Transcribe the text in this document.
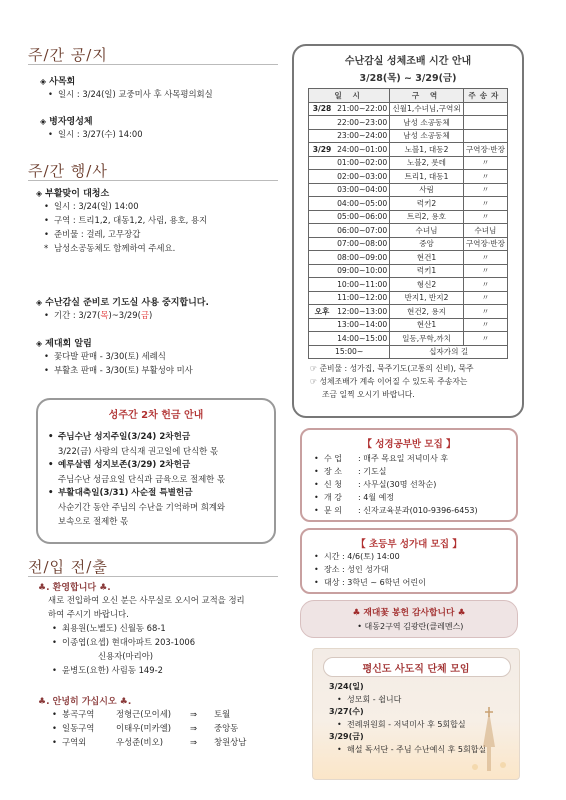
주/간 공/지
◈ 사목회
• 일시 : 3/24(일) 교중미사 후 사목평의회실
◈ 병자영성체
• 일시 : 3/27(수) 14:00
주/간 행/사
◈ 부활맞이 대청소
• 일시 : 3/24(일) 14:00
• 구역 : 트리1,2, 대동1,2, 사림, 용호, 용지
• 준비물 : 걸레, 고무장갑
* 남성소공동체도 함께하여 주세요.
◈ 수난감실 준비로 기도실 사용 중지합니다.
• 기간 : 3/27(목)~3/29(금)
◈ 제대회 알림
• 꽃다발 판매 - 3/30(토) 세례식
• 부활초 판매 - 3/30(토) 부활성야 미사
성주간 2차 헌금 안내
• 주님수난 성지주일(3/24) 2차헌금
3/22(금) 사랑의 단식재 권고일에 단식한 몫
• 예루살렘 성지보존(3/29) 2차헌금
주님수난 성금요일 단식과 금육으로 절제한 몫
• 부활대축일(3/31) 사순절 특별헌금
사순기간 동안 주님의 수난을 기억하며 희계와
보속으로 절제한 몫
전/입 전/출
♣. 환영합니다 ♣.
새로 전입하여 오신 분은 사무실로 오시어 교적을 정리
하여 주시기 바랍니다.
• 최용원(노벨도) 신월동 68-1
• 이종엽(요셉) 현대아파트 203-1006
신용자(마리아)
• 윤병도(요한) 사림동 149-2
♣. 안녕히 가십시오 ♣.
• 봉곡구역	정형근(모이세) ⇒ 토월
• 일동구역	이태우(미카엘) ⇒ 중앙동
• 구역외	우성준(비오)	⇒ 창원상남
수난감실 성체조배 시간 안내
3/28(목) ~ 3/29(금)
일 시		구 역	주송자
3/28	21:00~22:00	신월1,수녀님,구역외	
	22:00~23:00	남성 소공동체	
	23:00~24:00	남성 소공동체	
3/29	24:00~01:00	노블1, 대동2	구역장·반장
	01:00~02:00	노블2, 롯데	〃
	02:00~03:00	트리1, 대동1	〃
	03:00~04:00	사림	〃
	04:00~05:00	럭키2	〃
	05:00~06:00	트리2, 용호	〃
	06:00~07:00	수녀님	수녀님
	07:00~08:00	중앙	구역장·반장
	08:00~09:00	현건1	〃
	09:00~10:00	럭키1	〃
	10:00~11:00	형신2	〃
	11:00~12:00	반지1, 반지2	〃
오후	12:00~13:00	현건2, 용지	〃
	13:00~14:00	현산1	〃
	14:00~15:00	일동,무학,까치	〃
15:00~		십자가의 길	
☞ 준비물 : 성가집, 묵주기도(고통의 신비), 묵주
☞ 성체조배가 계속 이어질 수 있도록 주송자는
조금 일찍 오시기 바랍니다.
【 성경공부반 모집 】
• 수 업 : 매주 목요일 저녁미사 후
• 장 소 : 기도실
• 신 청 : 사무실(30명 선착순)
• 개 강 : 4월 예정
• 문 의 : 신자교육분과(010-9396-6453)
【 초등부 성가대 모집 】
• 시간 : 4/6(토) 14:00
• 장소 : 성인 성가대
• 대상 : 3학년 ~ 6학년 어린이
♣ 재대꽃 봉헌 감사합니다 ♣
• 대동2구역 김광란(클레멘스)
평신도 사도직 단체 모임
3/24(일)
• 성모회 - 쉽니다
3/27(수)
• 전례위원회 - 저녁미사 후 5회합실
3/29(금)
• 해설 독서단 - 주님 수난예식 후 5회합실
